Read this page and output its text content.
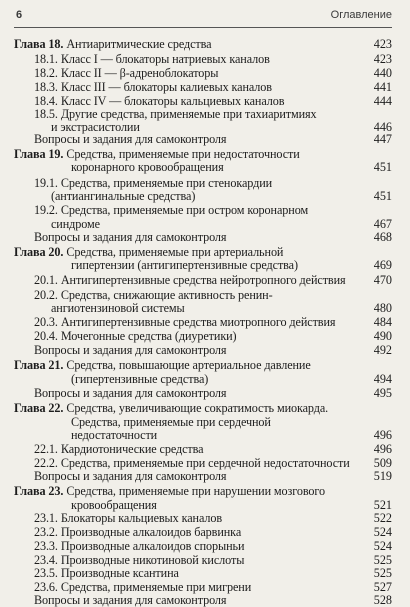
6	Оглавление
Глава 18. Антиаритмические средства	423
18.1. Класс I — блокаторы натриевых каналов	423
18.2. Класс II — β-адреноблокаторы	440
18.3. Класс III — блокаторы калиевых каналов	441
18.4. Класс IV — блокаторы кальциевых каналов	444
18.5. Другие средства, применяемые при тахиаритмиях
и экстрасистолии	446
Вопросы и задания для самоконтроля	447
Глава 19. Средства, применяемые при недостаточности
коронарного кровообращения	451
19.1. Средства, применяемые при стенокардии
(антиангинальные средства)	451
19.2. Средства, применяемые при остром коронарном
синдроме	467
Вопросы и задания для самоконтроля	468
Глава 20. Средства, применяемые при артериальной
гипертензии (антигипертензивные средства)	469
20.1. Антигипертензивные средства нейротропного действия	470
20.2. Средства, снижающие активность ренин-
ангиотензиновой системы	480
20.3. Антигипертензивные средства миотропного действия	484
20.4. Мочегонные средства (диуретики)	490
Вопросы и задания для самоконтроля	492
Глава 21. Средства, повышающие артериальное давление
(гипертензивные средства)	494
Вопросы и задания для самоконтроля	495
Глава 22. Средства, увеличивающие сократимость миокарда.
Средства, применяемые при сердечной
недостаточности	496
22.1. Кардиотонические средства	496
22.2. Средства, применяемые при сердечной недостаточности	509
Вопросы и задания для самоконтроля	519
Глава 23. Средства, применяемые при нарушении мозгового
кровообращения	521
23.1. Блокаторы кальциевых каналов	522
23.2. Производные алкалоидов барвинка	524
23.3. Производные алкалоидов спорыньи	524
23.4. Производные никотиновой кислоты	525
23.5. Производные ксантина	525
23.6. Средства, применяемые при мигрени	527
Вопросы и задания для самоконтроля	528
